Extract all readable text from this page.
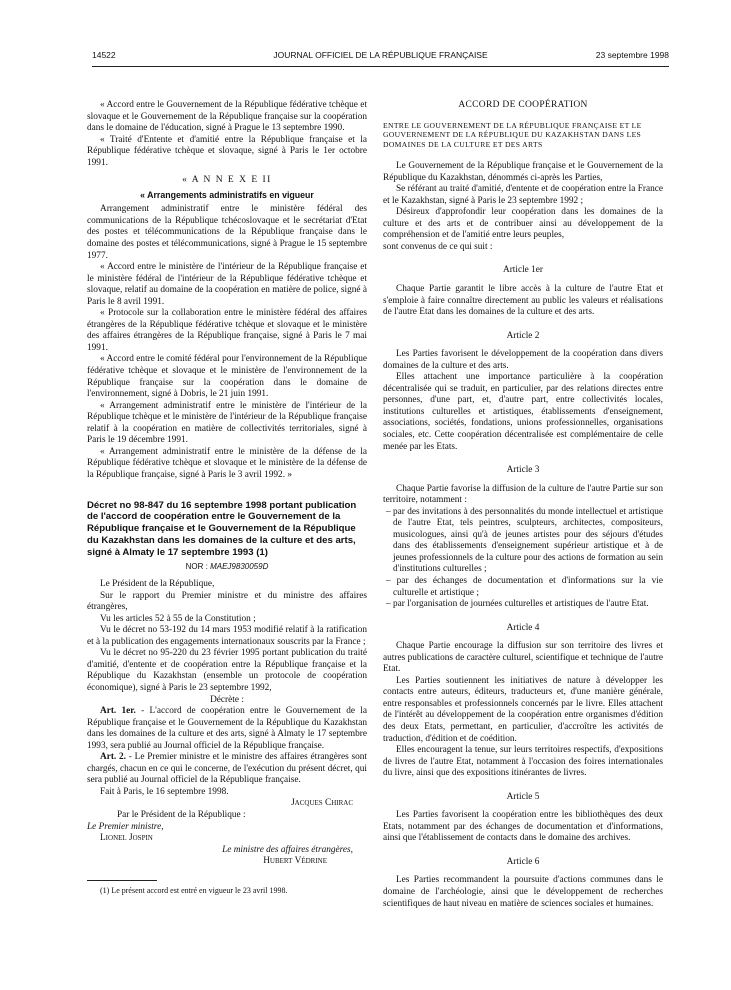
14522	JOURNAL OFFICIEL DE LA RÉPUBLIQUE FRANÇAISE	23 septembre 1998

« Accord entre le Gouvernement de la République fédérative tchèque et slovaque et le Gouvernement de la République française sur la coopération dans le domaine de l'éducation, signé à Prague le 13 septembre 1990.

« Traité d'Entente et d'amitié entre la République française et la République fédérative tchèque et slovaque, signé à Paris le 1er octobre 1991.

« A N N E X E II
« Arrangements administratifs en vigueur

Arrangement administratif entre le ministère fédéral des communications de la République tchécoslovaque et le secrétariat d'Etat des postes et télécommunications de la République française dans le domaine des postes et télécommunications, signé à Prague le 15 septembre 1977.

« Accord entre le ministère de l'intérieur de la République française et le ministère fédéral de l'intérieur de la République fédérative tchèque et slovaque, relatif au domaine de la coopération en matière de police, signé à Paris le 8 avril 1991.

« Protocole sur la collaboration entre le ministère fédéral des affaires étrangères de la République fédérative tchèque et slovaque et le ministère des affaires étrangères de la République française, signé à Paris le 7 mai 1991.

« Accord entre le comité fédéral pour l'environnement de la République fédérative tchèque et slovaque et le ministère de l'environnement de la République française sur la coopération dans le domaine de l'environnement, signé à Dobris, le 21 juin 1991.

« Arrangement administratif entre le ministère de l'intérieur de la République tchèque et le ministère de l'intérieur de la République française relatif à la coopération en matière de collectivités territoriales, signé à Paris le 19 décembre 1991.

« Arrangement administratif entre le ministère de la défense de la République fédérative tchèque et slovaque et le ministère de la défense de la République française, signé à Paris le 3 avril 1992. »

Décret no 98-847 du 16 septembre 1998 portant publication de l'accord de coopération entre le Gouvernement de la République française et le Gouvernement de la République du Kazakhstan dans les domaines de la culture et des arts, signé à Almaty le 17 septembre 1993 (1)

NOR : MAEJ9830059D

Le Président de la République,

Sur le rapport du Premier ministre et du ministre des affaires étrangères,

Vu les articles 52 à 55 de la Constitution ;

Vu le décret no 53-192 du 14 mars 1953 modifié relatif à la ratification et à la publication des engagements internationaux souscrits par la France ;

Vu le décret no 95-220 du 23 février 1995 portant publication du traité d'amitié, d'entente et de coopération entre la République française et la République du Kazakhstan (ensemble un protocole de coopération économique), signé à Paris le 23 septembre 1992,

Décrète :

Art. 1er. - L'accord de coopération entre le Gouvernement de la République française et le Gouvernement de la République du Kazakhstan dans les domaines de la culture et des arts, signé à Almaty le 17 septembre 1993, sera publié au Journal officiel de la République française.

Art. 2. - Le Premier ministre et le ministre des affaires étrangères sont chargés, chacun en ce qui le concerne, de l'exécution du présent décret, qui sera publié au Journal officiel de la République française.

Fait à Paris, le 16 septembre 1998.

Jacques Chirac

Par le Président de la République :

Le Premier ministre,

Lionel Jospin

Le ministre des affaires étrangères,

Hubert Védrine

(1) Le présent accord est entré en vigueur le 23 avril 1998.

ACCORD DE COOPÉRATION
ENTRE LE GOUVERNEMENT DE LA RÉPUBLIQUE FRANÇAISE ET LE GOUVERNEMENT DE LA RÉPUBLIQUE DU KAZAKHSTAN DANS LES DOMAINES DE LA CULTURE ET DES ARTS

Le Gouvernement de la République française et le Gouvernement de la République du Kazakhstan, dénommés ci-après les Parties,

Se référant au traité d'amitié, d'entente et de coopération entre la France et le Kazakhstan, signé à Paris le 23 septembre 1992 ;

Désireux d'approfondir leur coopération dans les domaines de la culture et des arts et de contribuer ainsi au développement de la compréhension et de l'amitié entre leurs peuples,

sont convenus de ce qui suit :

Article 1er

Chaque Partie garantit le libre accès à la culture de l'autre Etat et s'emploie à faire connaître directement au public les valeurs et réalisations de l'autre Etat dans les domaines de la culture et des arts.

Article 2

Les Parties favorisent le développement de la coopération dans divers domaines de la culture et des arts.

Elles attachent une importance particulière à la coopération décentralisée qui se traduit, en particulier, par des relations directes entre personnes, d'une part, et, d'autre part, entre collectivités locales, institutions culturelles et artistiques, établissements d'enseignement, associations, sociétés, fondations, unions professionnelles, organisations sociales, etc. Cette coopération décentralisée est complémentaire de celle menée par les Etats.

Article 3

Chaque Partie favorise la diffusion de la culture de l'autre Partie sur son territoire, notamment :

– par des invitations à des personnalités du monde intellectuel et artistique de l'autre Etat, tels peintres, sculpteurs, architectes, compositeurs, musicologues, ainsi qu'à de jeunes artistes pour des séjours d'études dans des établissements d'enseignement supérieur artistique et à de jeunes professionnels de la culture pour des actions de formation au sein d'institutions culturelles ;

– par des échanges de documentation et d'informations sur la vie culturelle et artistique ;

– par l'organisation de journées culturelles et artistiques de l'autre Etat.

Article 4

Chaque Partie encourage la diffusion sur son territoire des livres et autres publications de caractère culturel, scientifique et technique de l'autre Etat.

Les Parties soutiennent les initiatives de nature à développer les contacts entre auteurs, éditeurs, traducteurs et, d'une manière générale, entre responsables et professionnels concernés par le livre. Elles attachent de l'intérêt au développement de la coopération entre organismes d'édition des deux Etats, permettant, en particulier, d'accroître les activités de traduction, d'édition et de coédition.

Elles encouragent la tenue, sur leurs territoires respectifs, d'expositions de livres de l'autre Etat, notamment à l'occasion des foires internationales du livre, ainsi que des expositions itinérantes de livres.

Article 5

Les Parties favorisent la coopération entre les bibliothèques des deux Etats, notamment par des échanges de documentation et d'informations, ainsi que l'établissement de contacts dans le domaine des archives.

Article 6

Les Parties recommandent la poursuite d'actions communes dans le domaine de l'archéologie, ainsi que le développement de recherches scientifiques de haut niveau en matière de sciences sociales et humaines.
